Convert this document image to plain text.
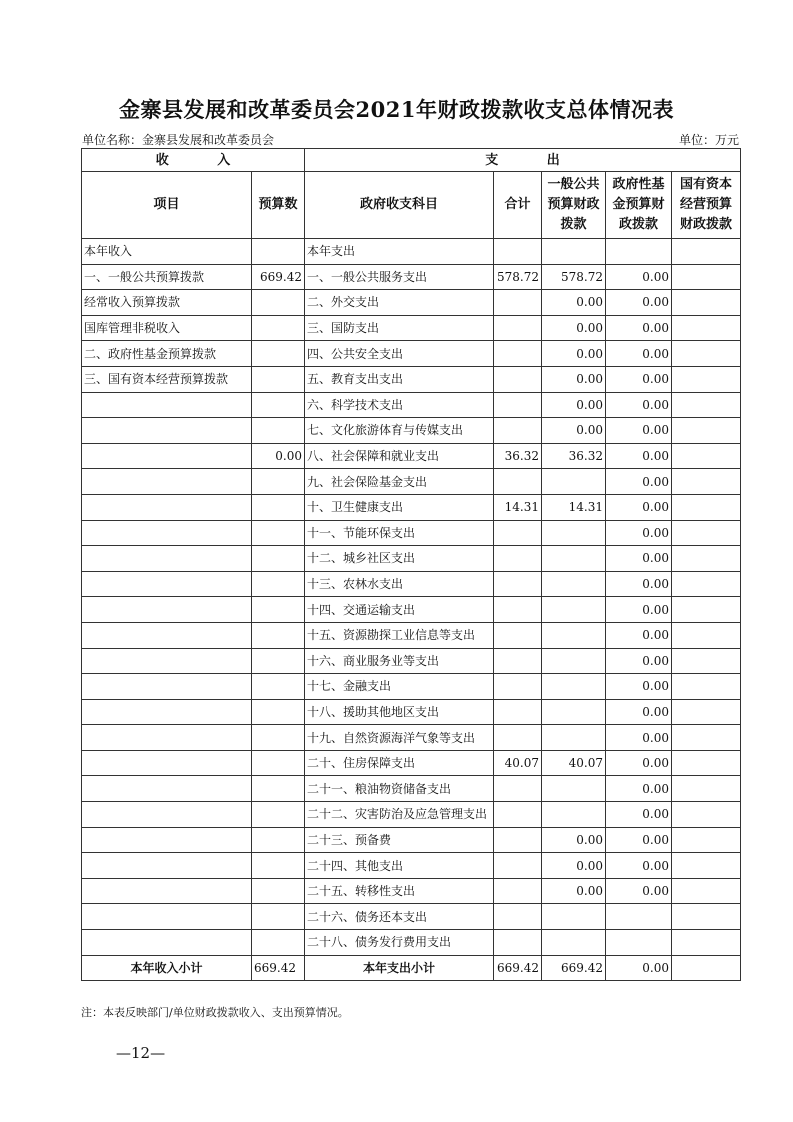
金寨县发展和改革委员会2021年财政拨款收支总体情况表
单位名称：金寨县发展和改革委员会	单位：万元
收 入		支 出				
项目	预算数	政府收支科目	合计	一般公共预算财政拨款	政府性基金预算财政拨款	国有资本经营预算财政拨款
本年收入		本年支出				
一、一般公共预算拨款	669.42	一、一般公共服务支出	578.72	578.72	0.00	
经常收入预算拨款		二、外交支出		0.00	0.00	
国库管理非税收入		三、国防支出		0.00	0.00	
二、政府性基金预算拨款		四、公共安全支出		0.00	0.00	
三、国有资本经营预算拨款		五、教育支出支出		0.00	0.00	
		六、科学技术支出		0.00	0.00	
		七、文化旅游体育与传媒支出		0.00	0.00	
	0.00	八、社会保障和就业支出	36.32	36.32	0.00	
		九、社会保险基金支出			0.00	
		十、卫生健康支出	14.31	14.31	0.00	
		十一、节能环保支出			0.00	
		十二、城乡社区支出			0.00	
		十三、农林水支出			0.00	
		十四、交通运输支出			0.00	
		十五、资源勘探工业信息等支出			0.00	
		十六、商业服务业等支出			0.00	
		十七、金融支出			0.00	
		十八、援助其他地区支出			0.00	
		十九、自然资源海洋气象等支出			0.00	
		二十、住房保障支出	40.07	40.07	0.00	
		二十一、粮油物资储备支出			0.00	
		二十二、灾害防治及应急管理支出			0.00	
		二十三、预备费		0.00	0.00	
		二十四、其他支出		0.00	0.00	
		二十五、转移性支出		0.00	0.00	
		二十六、债务还本支出				
		二十八、债务发行费用支出				
本年收入小计	669.42	本年支出小计	669.42	669.42	0.00	
注：本表反映部门/单位财政拨款收入、支出预算情况。
—12—
